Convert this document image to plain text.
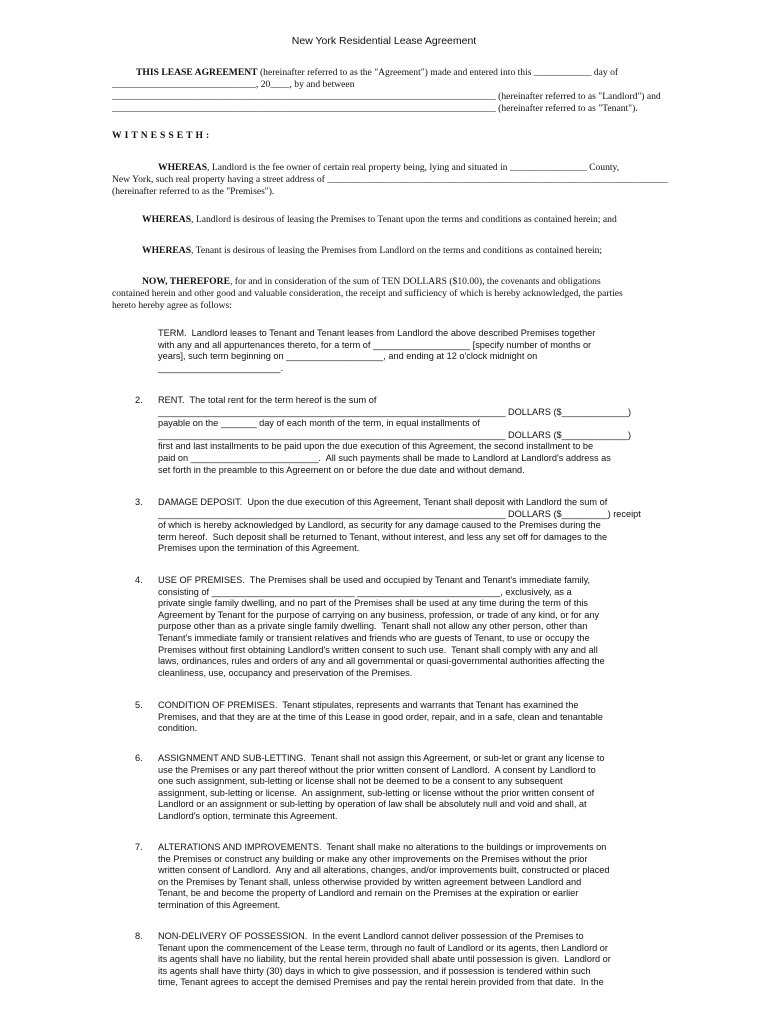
New York Residential Lease Agreement
THIS LEASE AGREEMENT (hereinafter referred to as the "Agreement") made and entered into this ____________ day of
______________________________, 20____, by and between
________________________________________________________________________________ (hereinafter referred to as "Landlord") and
________________________________________________________________________________ (hereinafter referred to as "Tenant").
WITNESSETH:
WHEREAS, Landlord is the fee owner of certain real property being, lying and situated in ________________ County,
New York, such real property having a street address of _______________________________________________________________________
(hereinafter referred to as the "Premises").
WHEREAS, Landlord is desirous of leasing the Premises to Tenant upon the terms and conditions as contained herein; and
WHEREAS, Tenant is desirous of leasing the Premises from Landlord on the terms and conditions as contained herein;
NOW, THEREFORE, for and in consideration of the sum of TEN DOLLARS ($10.00), the covenants and obligations
contained herein and other good and valuable consideration, the receipt and sufficiency of which is hereby acknowledged, the parties
hereto hereby agree as follows:
TERM.  Landlord leases to Tenant and Tenant leases from Landlord the above described Premises together
with any and all appurtenances thereto, for a term of ___________________ [specify number of months or
years], such term beginning on ___________________, and ending at 12 o'clock midnight on
________________________.
2. RENT.  The total rent for the term hereof is the sum of
____________________________________________________________________ DOLLARS ($_____________)
payable on the _______ day of each month of the term, in equal installments of
____________________________________________________________________ DOLLARS ($_____________)
first and last installments to be paid upon the due execution of this Agreement, the second installment to be
paid on _________________________.  All such payments shall be made to Landlord at Landlord's address as
set forth in the preamble to this Agreement on or before the due date and without demand.
3. DAMAGE DEPOSIT.  Upon the due execution of this Agreement, Tenant shall deposit with Landlord the sum of
____________________________________________________________________ DOLLARS ($_________) receipt
of which is hereby acknowledged by Landlord, as security for any damage caused to the Premises during the
term hereof.  Such deposit shall be returned to Tenant, without interest, and less any set off for damages to the
Premises upon the termination of this Agreement.
4. USE OF PREMISES.  The Premises shall be used and occupied by Tenant and Tenant's immediate family,
consisting of ____________________________ ____________________________, exclusively, as a
private single family dwelling, and no part of the Premises shall be used at any time during the term of this
Agreement by Tenant for the purpose of carrying on any business, profession, or trade of any kind, or for any
purpose other than as a private single family dwelling.  Tenant shall not allow any other person, other than
Tenant's immediate family or transient relatives and friends who are guests of Tenant, to use or occupy the
Premises without first obtaining Landlord's written consent to such use.  Tenant shall comply with any and all
laws, ordinances, rules and orders of any and all governmental or quasi-governmental authorities affecting the
cleanliness, use, occupancy and preservation of the Premises.
5. CONDITION OF PREMISES.  Tenant stipulates, represents and warrants that Tenant has examined the
Premises, and that they are at the time of this Lease in good order, repair, and in a safe, clean and tenantable
condition.
6. ASSIGNMENT AND SUB-LETTING.  Tenant shall not assign this Agreement, or sub-let or grant any license to
use the Premises or any part thereof without the prior written consent of Landlord.  A consent by Landlord to
one such assignment, sub-letting or license shall not be deemed to be a consent to any subsequent
assignment, sub-letting or license.  An assignment, sub-letting or license without the prior written consent of
Landlord or an assignment or sub-letting by operation of law shall be absolutely null and void and shall, at
Landlord's option, terminate this Agreement.
7. ALTERATIONS AND IMPROVEMENTS.  Tenant shall make no alterations to the buildings or improvements on
the Premises or construct any building or make any other improvements on the Premises without the prior
written consent of Landlord.  Any and all alterations, changes, and/or improvements built, constructed or placed
on the Premises by Tenant shall, unless otherwise provided by written agreement between Landlord and
Tenant, be and become the property of Landlord and remain on the Premises at the expiration or earlier
termination of this Agreement.
8. NON-DELIVERY OF POSSESSION.  In the event Landlord cannot deliver possession of the Premises to
Tenant upon the commencement of the Lease term, through no fault of Landlord or its agents, then Landlord or
its agents shall have no liability, but the rental herein provided shall abate until possession is given.  Landlord or
its agents shall have thirty (30) days in which to give possession, and if possession is tendered within such
time, Tenant agrees to accept the demised Premises and pay the rental herein provided from that date.  In the
